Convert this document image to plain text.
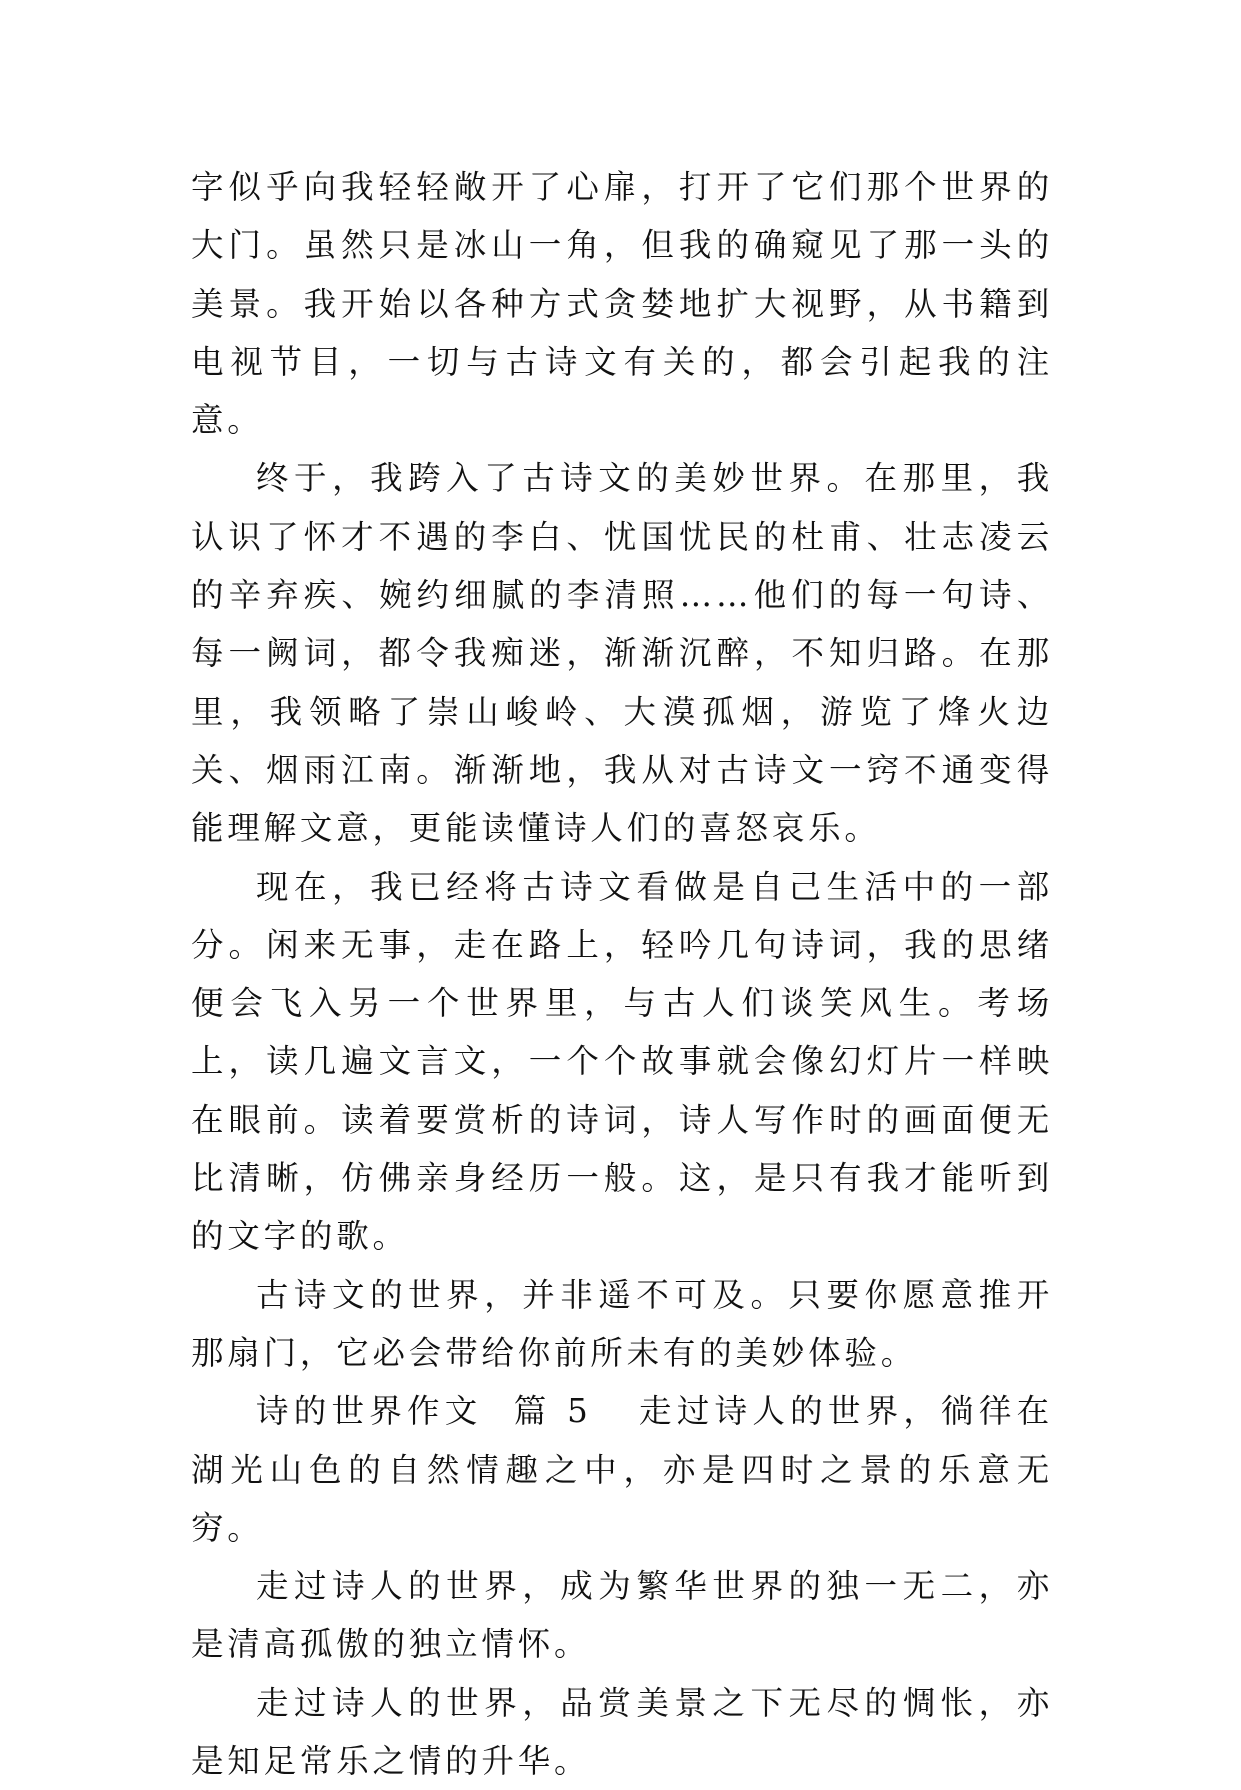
字似乎向我轻轻敞开了心扉，打开了它们那个世界的大门。虽然只是冰山一角，但我的确窥见了那一头的美景。我开始以各种方式贪婪地扩大视野，从书籍到电视节目，一切与古诗文有关的，都会引起我的注意。

终于，我跨入了古诗文的美妙世界。在那里，我认识了怀才不遇的李白、忧国忧民的杜甫、壮志凌云的辛弃疾、婉约细腻的李清照……他们的每一句诗、每一阙词，都令我痴迷，渐渐沉醉，不知归路。在那里，我领略了崇山峻岭、大漠孤烟，游览了烽火边关、烟雨江南。渐渐地，我从对古诗文一窍不通变得能理解文意，更能读懂诗人们的喜怒哀乐。

现在，我已经将古诗文看做是自己生活中的一部分。闲来无事，走在路上，轻吟几句诗词，我的思绪便会飞入另一个世界里，与古人们谈笑风生。考场上，读几遍文言文，一个个故事就会像幻灯片一样映在眼前。读着要赏析的诗词，诗人写作时的画面便无比清晰，仿佛亲身经历一般。这，是只有我才能听到的文字的歌。

古诗文的世界，并非遥不可及。只要你愿意推开那扇门，它必会带给你前所未有的美妙体验。

诗的世界作文  篇 5 走过诗人的世界，徜徉在湖光山色的自然情趣之中，亦是四时之景的乐意无穷。

走过诗人的世界，成为繁华世界的独一无二，亦是清高孤傲的独立情怀。

走过诗人的世界，品赏美景之下无尽的惆怅，亦是知足常乐之情的升华。
